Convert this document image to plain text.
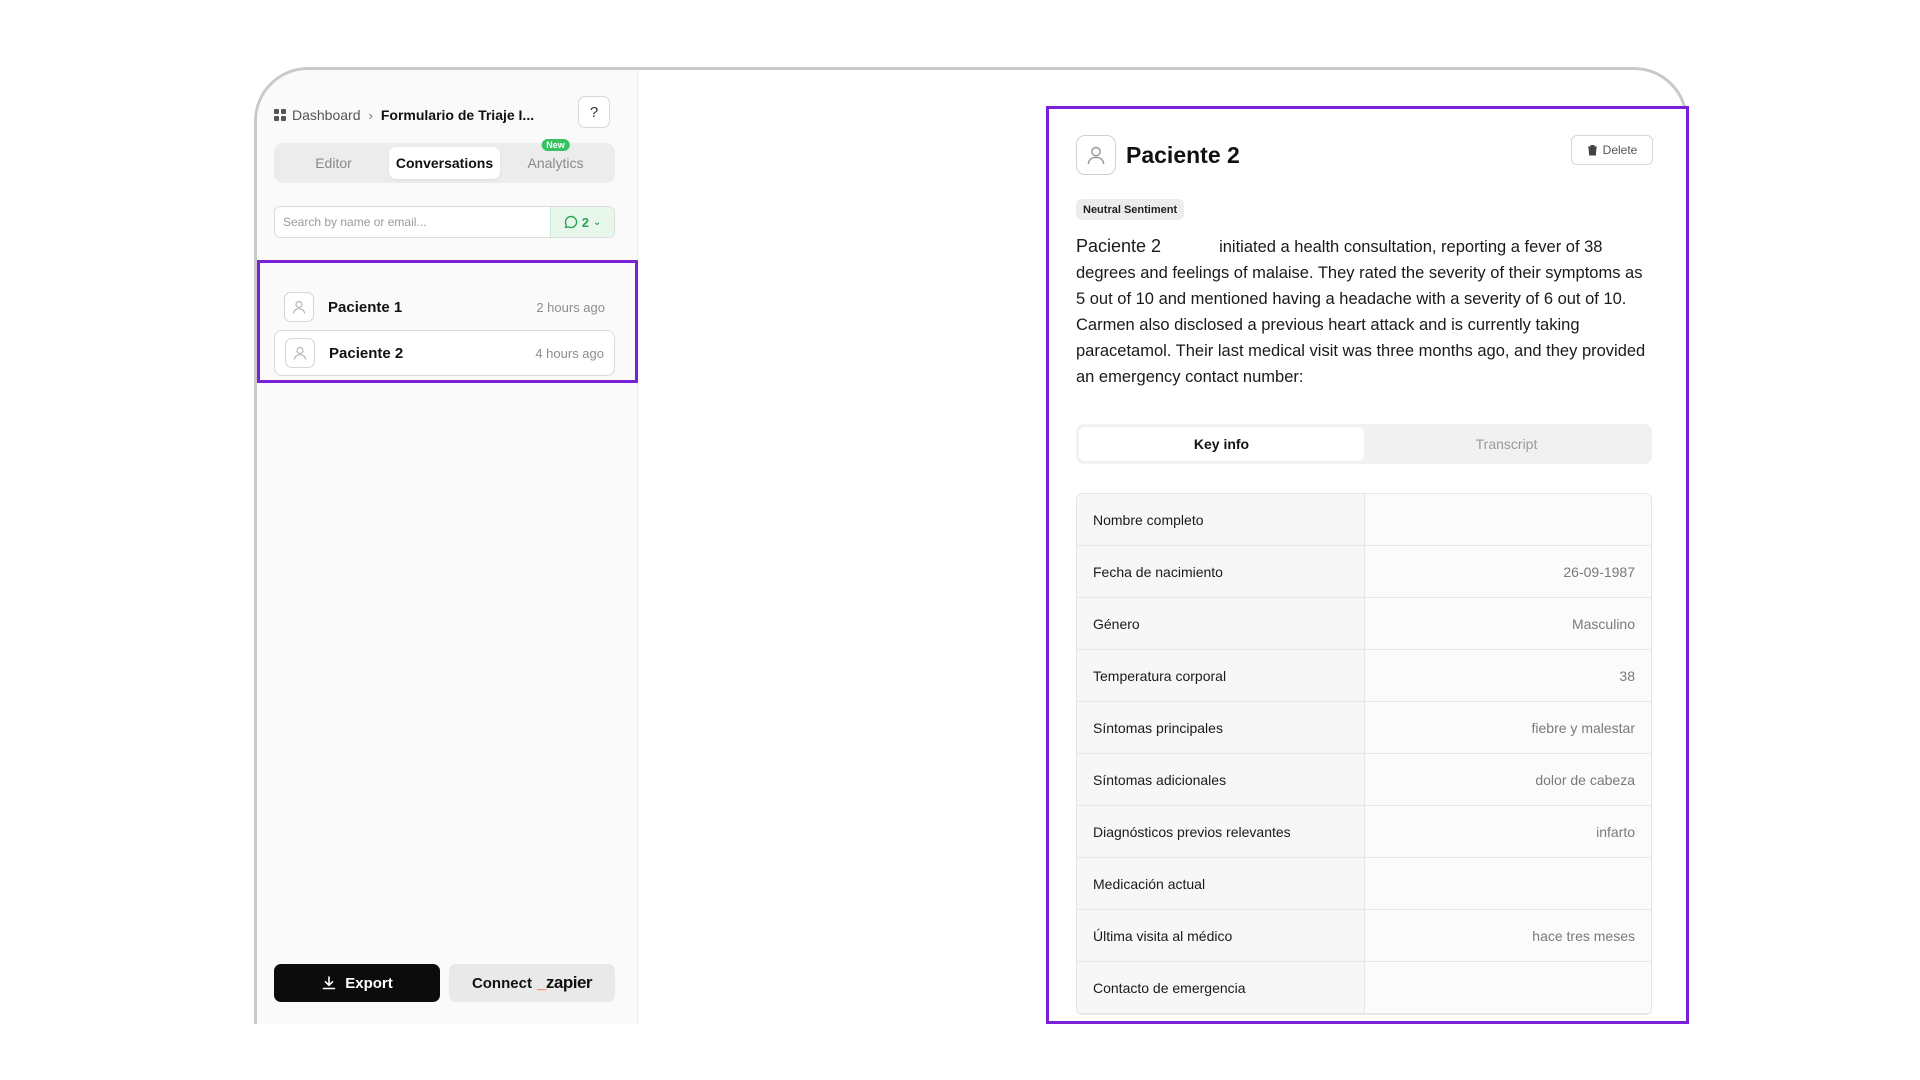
Dashboard › Formulario de Triaje I...	?
Editor	Conversations
New
Analytics
Search by name or email...
2 ⌄
Paciente 1	2 hours ago
Paciente 2	4 hours ago
Export	Connect _ zapier
Paciente 2	Delete
Neutral Sentiment

Paciente 2	initiated a health consultation, reporting a fever of 38 degrees and feelings of malaise. They rated the severity of their symptoms as 5 out of 10 and mentioned having a headache with a severity of 6 out of 10. Carmen also disclosed a previous heart attack and is currently taking paracetamol. Their last medical visit was three months ago, and they provided an emergency contact number:

Key info	Transcript
Nombre completo
Fecha de nacimiento	26-09-1987
Género	Masculino
Temperatura corporal	38
Síntomas principales	fiebre y malestar
Síntomas adicionales	dolor de cabeza
Diagnósticos previos relevantes	infarto
Medicación actual
Última visita al médico	hace tres meses
Contacto de emergencia
